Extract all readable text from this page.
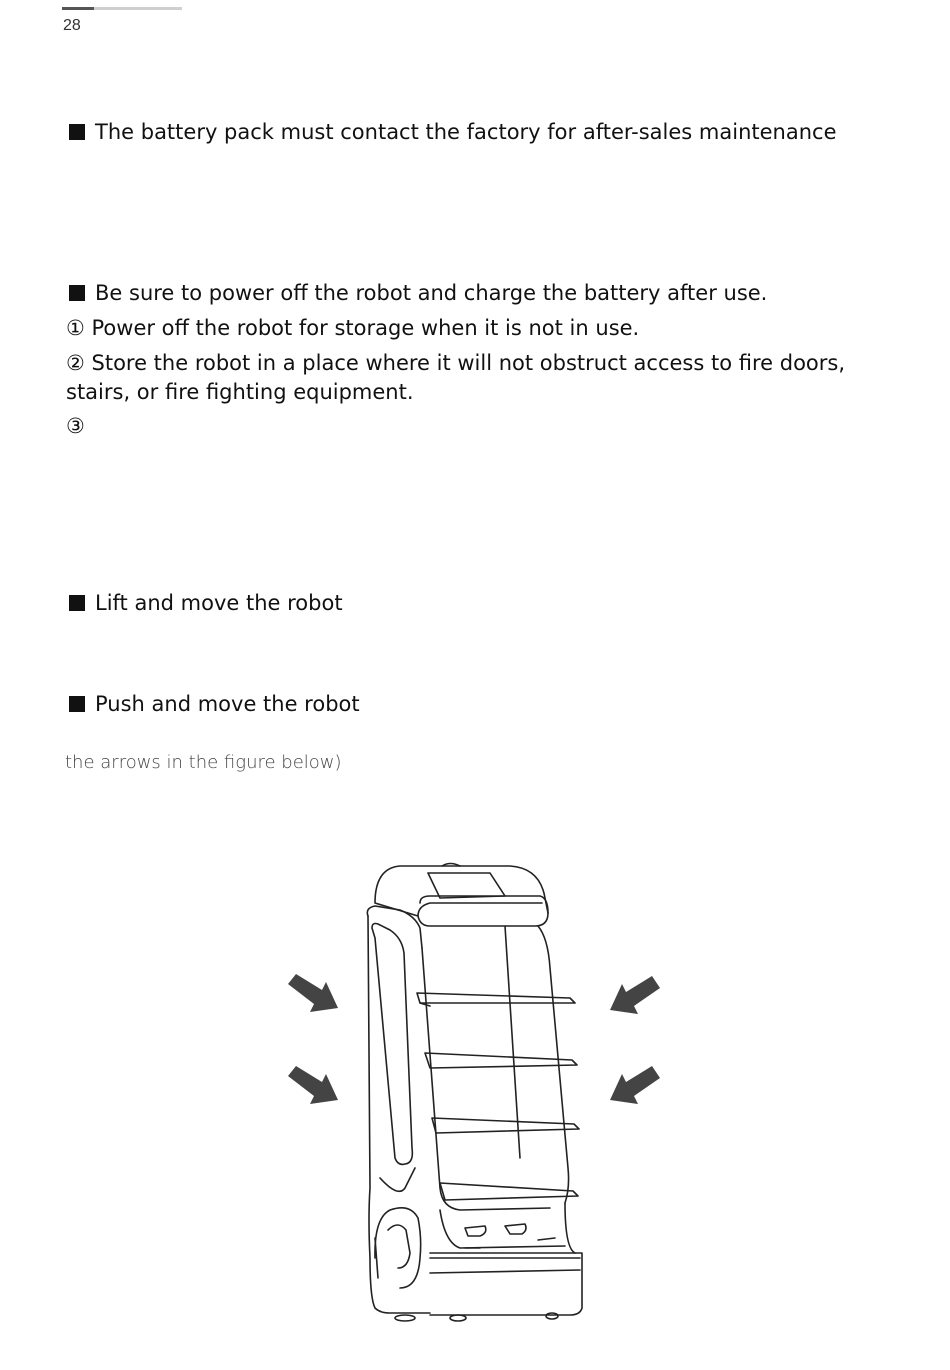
28
The battery pack must contact the factory for after-sales maintenance
Be sure to power off the robot and charge the battery after use.
① Power off the robot for storage when it is not in use.
② Store the robot in a place where it will not obstruct access to fire doors, stairs, or fire fighting equipment.
③
Lift and move the robot
Push and move the robot
the arrows in the figure below)
